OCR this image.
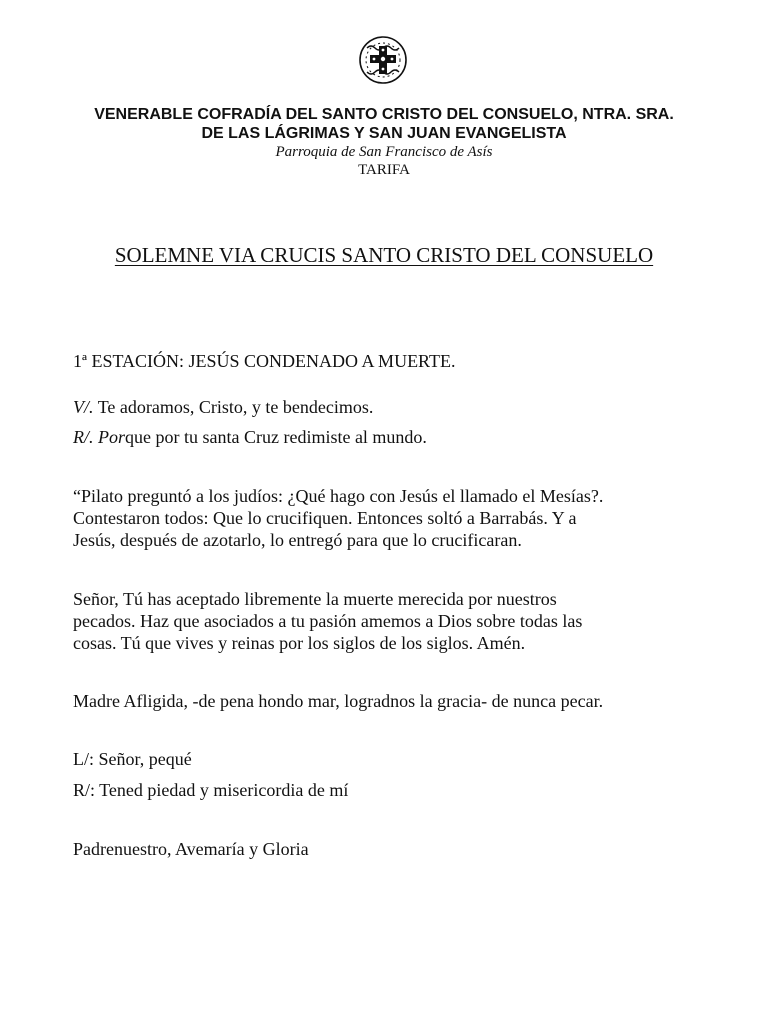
VENERABLE COFRADÍA DEL SANTO CRISTO DEL CONSUELO, NTRA. SRA.
DE LAS LÁGRIMAS Y SAN JUAN EVANGELISTA
Parroquia de San Francisco de Asís
TARIFA
SOLEMNE VIA CRUCIS SANTO CRISTO DEL CONSUELO
1ª ESTACIÓN: JESÚS CONDENADO A MUERTE.
V/. Te adoramos, Cristo, y te bendecimos.
R/. Porque por tu santa Cruz redimiste al mundo.
“Pilato preguntó a los judíos: ¿Qué hago con Jesús el llamado el Mesías?.
Contestaron todos: Que lo crucifiquen. Entonces soltó a Barrabás. Y a
Jesús, después de azotarlo, lo entregó para que lo crucificaran.
Señor, Tú has aceptado libremente la muerte merecida por nuestros
pecados. Haz que asociados a tu pasión amemos a Dios sobre todas las
cosas. Tú que vives y reinas por los siglos de los siglos. Amén.
Madre Afligida, -de pena hondo mar, logradnos la gracia- de nunca pecar.
L/: Señor, pequé
R/: Tened piedad y misericordia de mí
Padrenuestro, Avemaría y Gloria
